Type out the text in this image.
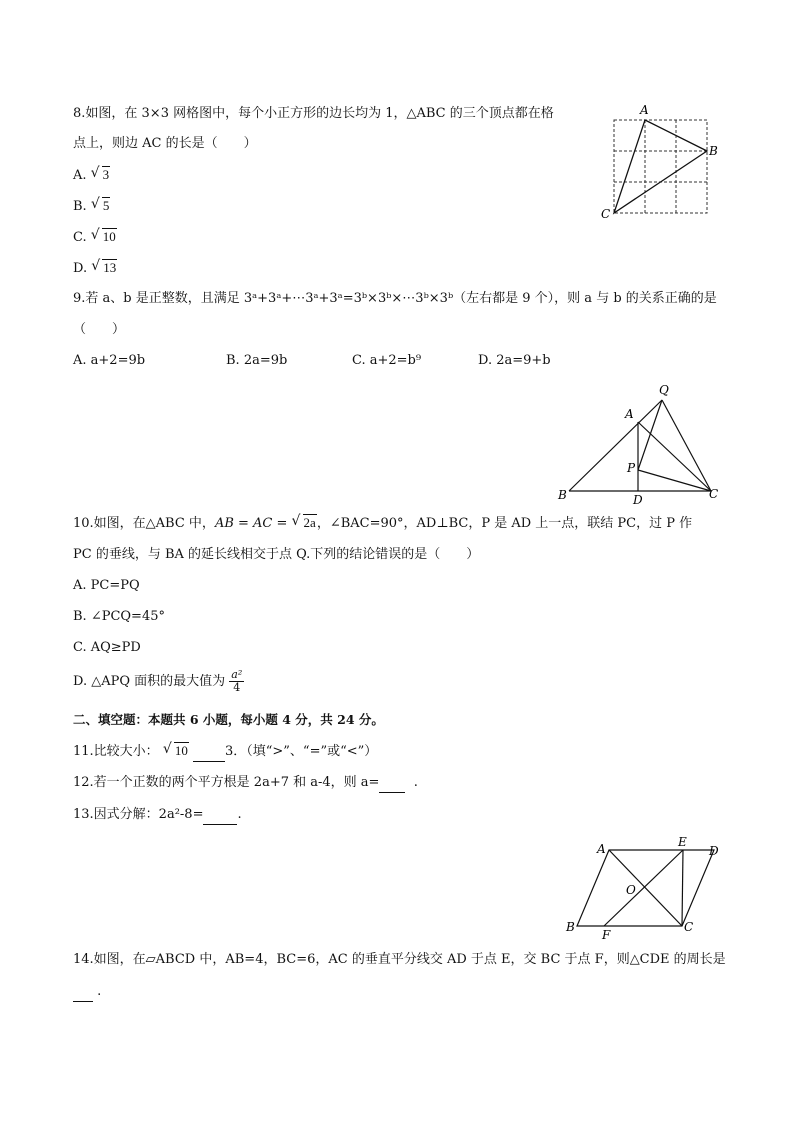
8.如图，在 3×3 网格图中，每个小正方形的边长均为 1，△ABC 的三个顶点都在格
点上，则边 AC 的长是（　　）
A. √ 3
B. √ 5
C. √ 10
D. √ 13
A
B
C
9.若 a、b 是正整数，且满足 3ᵃ+3ᵃ+⋯3ᵃ+3ᵃ=3ᵇ×3ᵇ×⋯3ᵇ×3ᵇ（左右都是 9 个），则 a 与 b 的关系正确的是
（　　）
A. a+2=9b	B. 2a=9b	C. a+2=b⁹	D. 2a=9+b
Q
A
P
B	D	C
10.如图，在△ABC 中，AB = AC = √ 2a，∠BAC=90°，AD⊥BC，P 是 AD 上一点，联结 PC，过 P 作
PC 的垂线，与 BA 的延长线相交于点 Q.下列的结论错误的是（　　）
A. PC=PQ
B. ∠PCQ=45°
C. AQ≥PD
D. △APQ 面积的最大值为 $\frac{\text{a²}}{4}$
二、填空题：本题共 6 小题，每小题 4 分，共 24 分。
11.比较大小： √ 10	3．（填“>”、“=”或“<”）
12.若一个正数的两个平方根是 2a+7 和 a-4，则 a=	.
13.因式分解：2a²-8=	.
A	E
D
O
B
F
C
14.如图，在▱ABCD 中，AB=4，BC=6，AC 的垂直平分线交 AD 于点 E，交 BC 于点 F，则△CDE 的周长是
.
